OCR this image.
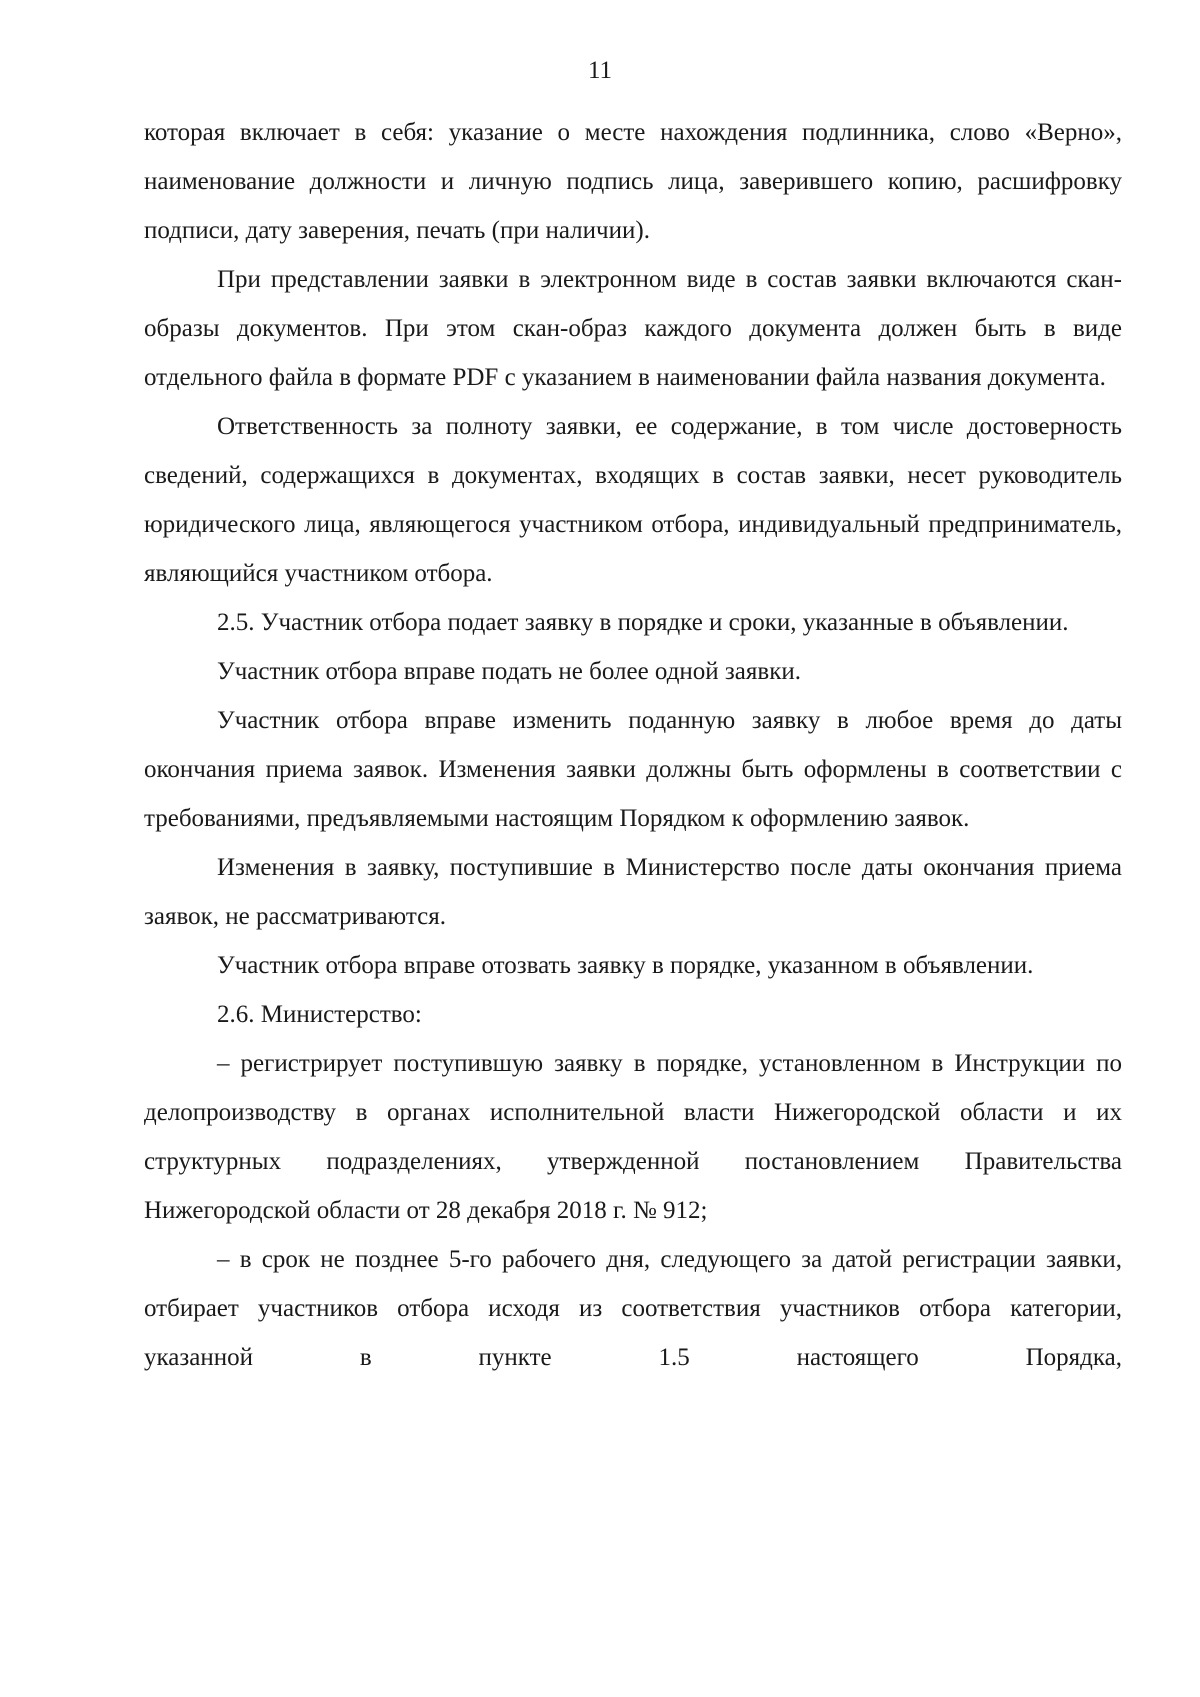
11

которая включает в себя: указание о месте нахождения подлинника, слово «Верно», наименование должности и личную подпись лица, заверившего копию, расшифровку подписи, дату заверения, печать (при наличии).

При представлении заявки в электронном виде в состав заявки включаются скан-образы документов. При этом скан-образ каждого документа должен быть в виде отдельного файла в формате PDF с указанием в наименовании файла названия документа.

Ответственность за полноту заявки, ее содержание, в том числе достоверность сведений, содержащихся в документах, входящих в состав заявки, несет руководитель юридического лица, являющегося участником отбора, индивидуальный предприниматель, являющийся участником отбора.

2.5. Участник отбора подает заявку в порядке и сроки, указанные в объявлении.

Участник отбора вправе подать не более одной заявки.

Участник отбора вправе изменить поданную заявку в любое время до даты окончания приема заявок. Изменения заявки должны быть оформлены в соответствии с требованиями, предъявляемыми настоящим Порядком к оформлению заявок.

Изменения в заявку, поступившие в Министерство после даты окончания приема заявок, не рассматриваются.

Участник отбора вправе отозвать заявку в порядке, указанном в объявлении.

2.6. Министерство:

– регистрирует поступившую заявку в порядке, установленном в Инструкции по делопроизводству в органах исполнительной власти Нижегородской области и их структурных подразделениях, утвержденной постановлением Правительства Нижегородской области от 28 декабря 2018 г. № 912;

– в срок не позднее 5-го рабочего дня, следующего за датой регистрации заявки, отбирает участников отбора исходя из соответствия участников отбора категории, указанной в пункте 1.5 настоящего Порядка,
